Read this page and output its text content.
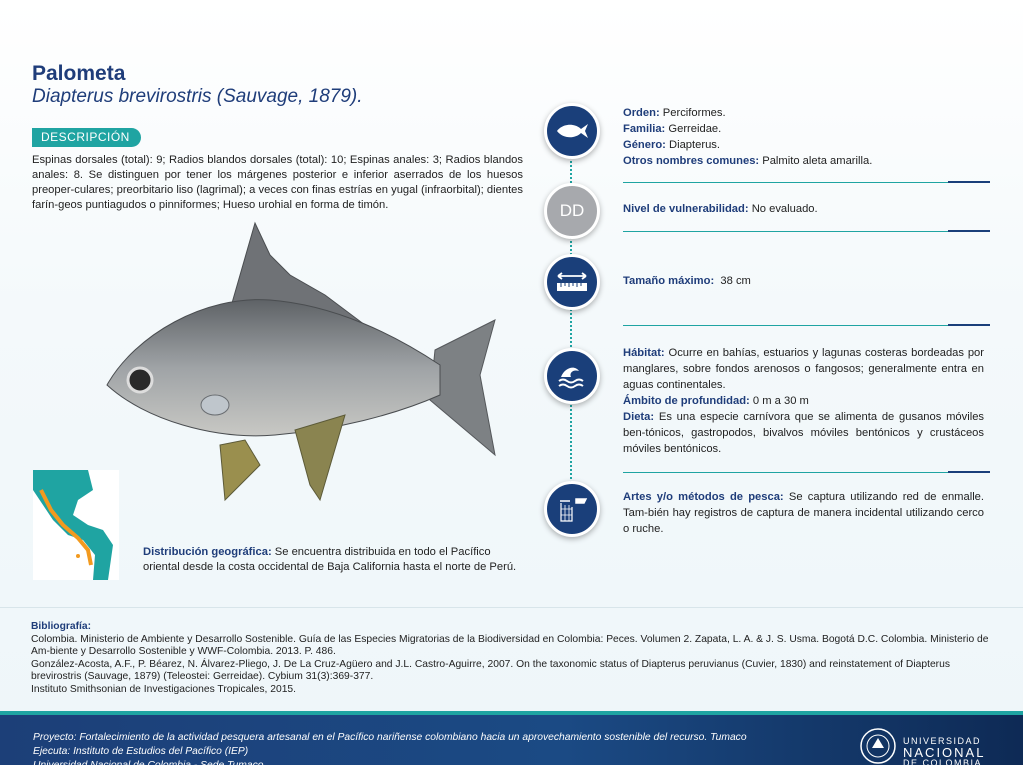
Palometa
Diapterus brevirostris (Sauvage, 1879).
DESCRIPCIÓN
Espinas dorsales (total): 9; Radios blandos dorsales (total): 10; Espinas anales: 3; Radios blandos anales: 8. Se distinguen por tener los márgenes posterior e inferior aserrados de los huesos preoper-culares; preorbitario liso (lagrimal); a veces con finas estrías en yugal (infraorbital); dientes farín-geos puntiagudos o pinniformes; Hueso urohial en forma de timón.
Distribución geográfica: Se encuentra distribuida en todo el Pacífico oriental desde la costa occidental de Baja California hasta el norte de Perú.
Orden: Perciformes.
Familia: Gerreidae.
Género: Diapterus.
Otros nombres comunes: Palmito aleta amarilla.
DD	Nivel de vulnerabilidad: No evaluado.
Tamaño máximo: 38 cm
Hábitat: Ocurre en bahías, estuarios y lagunas costeras bordeadas por manglares, sobre fondos arenosos o fangosos; generalmente entra en aguas continentales.
Ámbito de profundidad: 0 m a 30 m
Dieta: Es una especie carnívora que se alimenta de gusanos móviles ben-tónicos, gastropodos, bivalvos móviles bentónicos y crustáceos móviles bentónicos.
Artes y/o métodos de pesca: Se captura utilizando red de enmalle. Tam-bién hay registros de captura de manera incidental utilizando cerco o ruche.
Bibliografía:
Colombia. Ministerio de Ambiente y Desarrollo Sostenible. Guía de las Especies Migratorias de la Biodiversidad en Colombia: Peces. Volumen 2. Zapata, L. A. & J. S. Usma. Bogotá D.C. Colombia. Ministerio de Am-biente y Desarrollo Sostenible y WWF-Colombia. 2013. P. 486.
González-Acosta, A.F., P. Béarez, N. Álvarez-Pliego, J. De La Cruz-Agüero and J.L. Castro-Aguirre, 2007. On the taxonomic status of Diapterus peruvianus (Cuvier, 1830) and reinstatement of Diapterus brevirostris (Sauvage, 1879) (Teleostei: Gerreidae). Cybium 31(3):369-377.
Instituto Smithsonian de Investigaciones Tropicales, 2015.
Proyecto: Fortalecimiento de la actividad pesquera artesanal en el Pacífico nariñense colombiano hacia un aprovechamiento sostenible del recurso. Tumaco
Ejecuta: Instituto de Estudios del Pacífico (IEP)
Universidad Nacional de Colombia - Sede Tumaco
UNIVERSIDAD
NACIONAL
DE COLOMBIA
